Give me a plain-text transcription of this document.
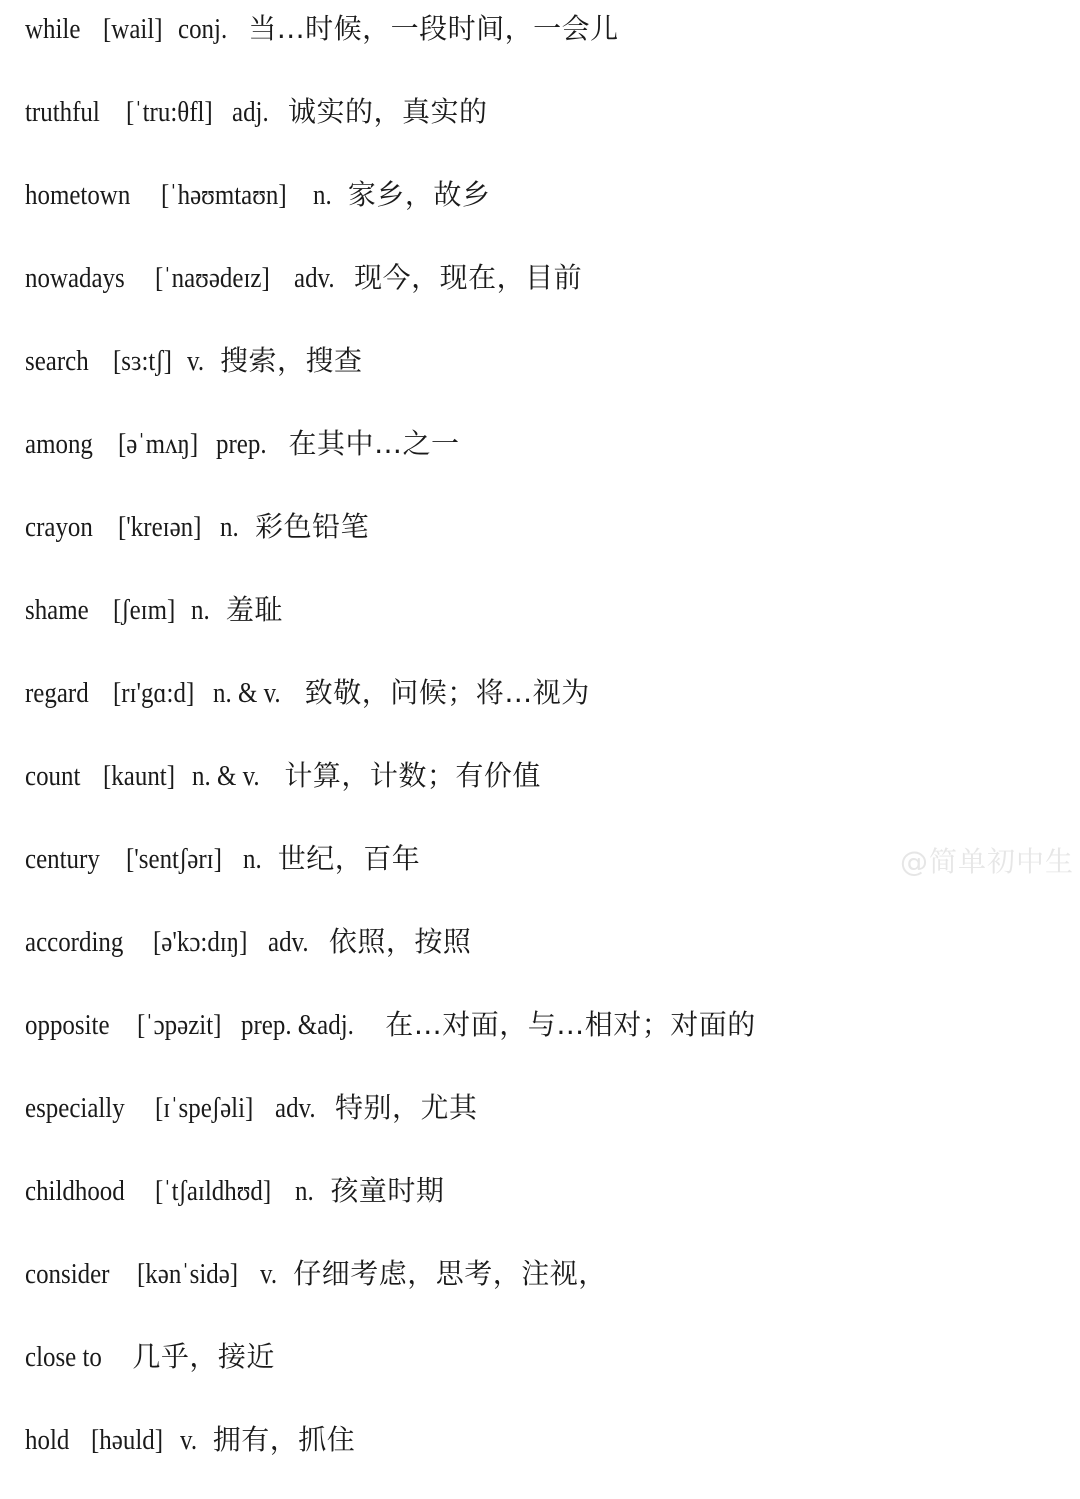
while [wail] conj. 当...时候，一段时间，一会儿
truthful [ˈtru:θfl] adj. 诚实的，真实的
hometown [ˈhəʊmtaʊn] n. 家乡，故乡
nowadays [ˈnaʊədeɪz] adv. 现今，现在，目前
search [sɜ:tʃ] v. 搜索，搜查
among [əˈmʌŋ] prep. 在其中…之一
crayon ['kreɪən] n. 彩色铅笔
shame [ʃeɪm] n. 羞耻
regard [rɪ'gɑ:d] n. & v. 致敬，问候；将…视为
count [kaunt] n. & v. 计算，计数；有价值
century ['sentʃərɪ] n. 世纪，百年
according [ə'kɔ:dɪŋ] adv. 依照，按照
opposite [ˈɔpəzit] prep. &adj. 在…对面，与…相对；对面的
especially [ɪˈspeʃəli] adv. 特别，尤其
childhood [ˈtʃaɪldhʊd] n. 孩童时期
consider [kənˈsidə] v. 仔细考虑，思考，注视，
close to 几乎，接近
hold [həuld] v. 拥有，抓住
@简单初中生
